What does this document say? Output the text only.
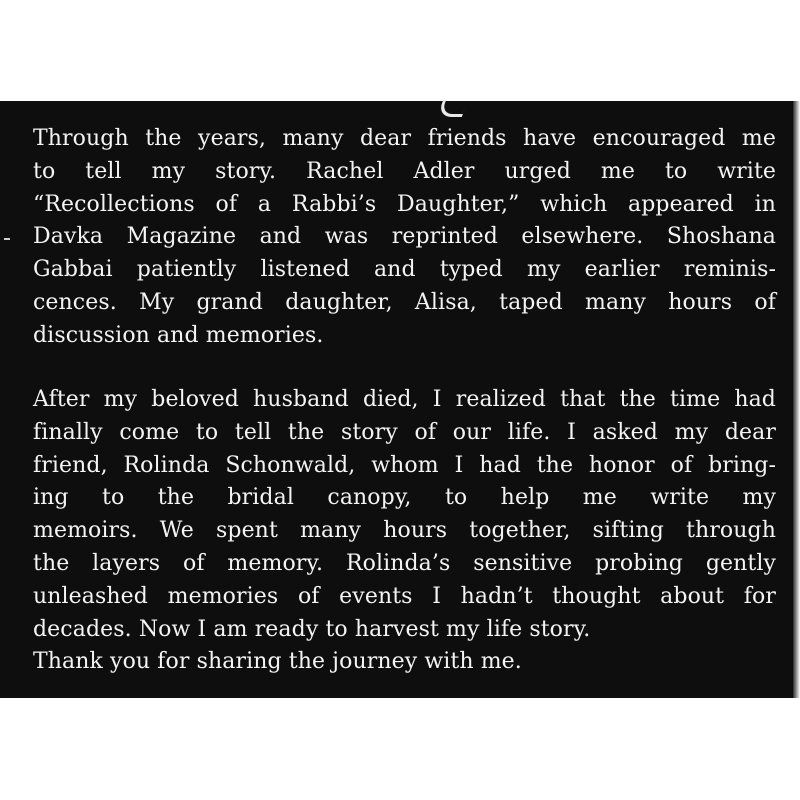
Through the years, many dear friends have encouraged me
to tell my story. Rachel Adler urged me to write
“Recollections of a Rabbi’s Daughter,” which appeared in
Davka Magazine and was reprinted elsewhere. Shoshana
Gabbai patiently listened and typed my earlier reminis-
cences. My grand daughter, Alisa, taped many hours of
discussion and memories.
After my beloved husband died, I realized that the time had
finally come to tell the story of our life. I asked my dear
friend, Rolinda Schonwald, whom I had the honor of bring-
ing to the bridal canopy, to help me write my
memoirs. We spent many hours together, sifting through
the layers of memory. Rolinda’s sensitive probing gently
unleashed memories of events I hadn’t thought about for
decades. Now I am ready to harvest my life story.
Thank you for sharing the journey with me.
